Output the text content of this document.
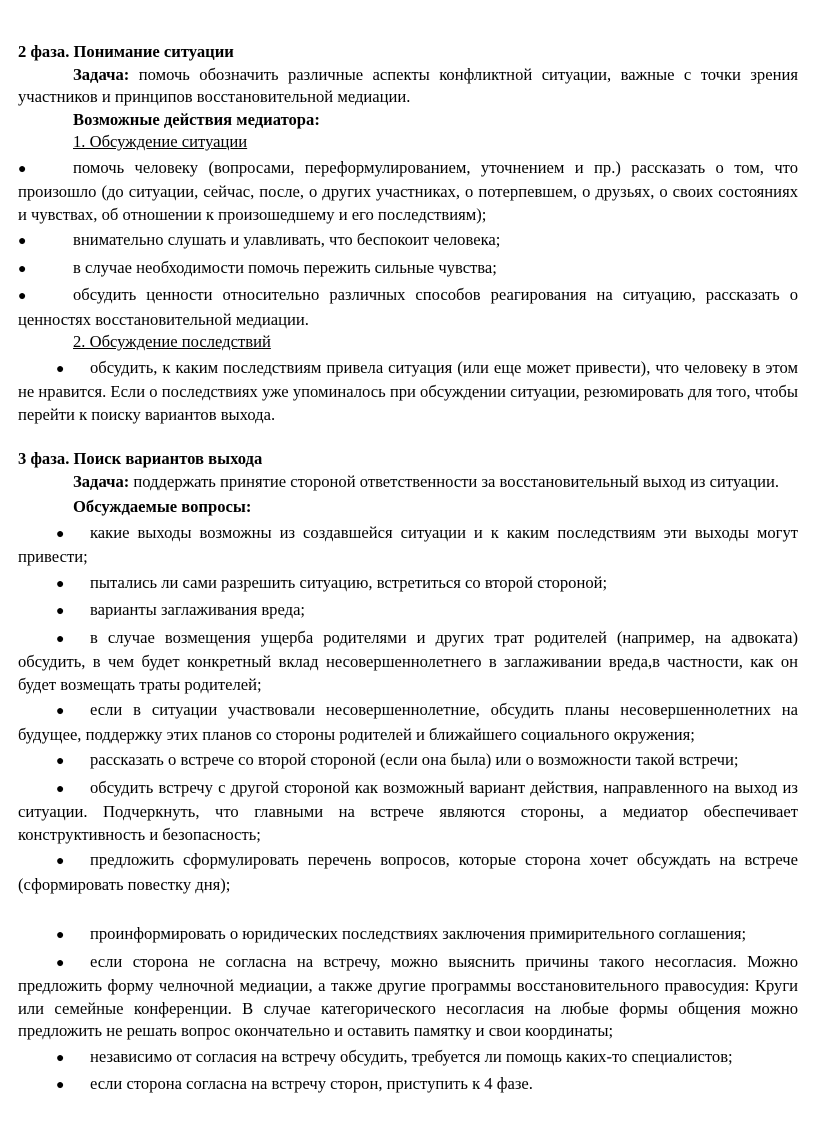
2 фаза. Понимание ситуации

Задача: помочь обозначить различные аспекты конфликтной ситуации, важные с точки зрения участников и принципов восстановительной медиации.

Возможные действия медиатора:

1. Обсуждение ситуации

●	помочь человеку (вопросами, переформулированием, уточнением и пр.) рассказать о том, что произошло (до ситуации, сейчас, после, о других участниках, о потерпевшем, о друзьях, о своих состояниях и чувствах, об отношении к произошедшему и его последствиям);

●	внимательно слушать и улавливать, что беспокоит человека;

●	в случае необходимости помочь пережить сильные чувства;

●	обсудить ценности относительно различных способов реагирования на ситуацию, рассказать о ценностях восстановительной медиации.

2. Обсуждение последствий

● обсудить, к каким последствиям привела ситуация (или еще может привести), что человеку в этом не нравится. Если о последствиях уже упоминалось при обсуждении ситуации, резюмировать для того, чтобы перейти к поиску вариантов выхода.

3 фаза. Поиск вариантов выхода

Задача: поддержать принятие стороной ответственности за восстановительный выход из ситуации.

Обсуждаемые вопросы:

● какие выходы возможны из создавшейся ситуации и к каким последствиям эти выходы могут привести;

● пытались ли сами разрешить ситуацию, встретиться со второй стороной;

● варианты заглаживания вреда;

● в случае возмещения ущерба родителями и других трат родителей (например, на адвоката) обсудить, в чем будет конкретный вклад несовершеннолетнего в заглаживании вреда,в частности, как он будет возмещать траты родителей;

● если в ситуации участвовали несовершеннолетние, обсудить планы несовершеннолетних на будущее, поддержку этих планов со стороны родителей и ближайшего социального окружения;

● рассказать о встрече со второй стороной (если она была) или о возможности такой встречи;

● обсудить встречу с другой стороной как возможный вариант действия, направленного на выход из ситуации. Подчеркнуть, что главными на встрече являются стороны, а медиатор обеспечивает конструктивность и безопасность;

● предложить сформулировать перечень вопросов, которые сторона хочет обсуждать на встрече (сформировать повестку дня);

● проинформировать о юридических последствиях заключения примирительного соглашения;

● если сторона не согласна на встречу, можно выяснить причины такого несогласия. Можно предложить форму челночной медиации, а также другие программы восстановительного правосудия: Круги или семейные конференции. В случае категорического несогласия на любые формы общения можно предложить не решать вопрос окончательно и оставить памятку и свои координаты;

● независимо от согласия на встречу обсудить, требуется ли помощь каких-то специалистов;

● если сторона согласна на встречу сторон, приступить к 4 фазе.
